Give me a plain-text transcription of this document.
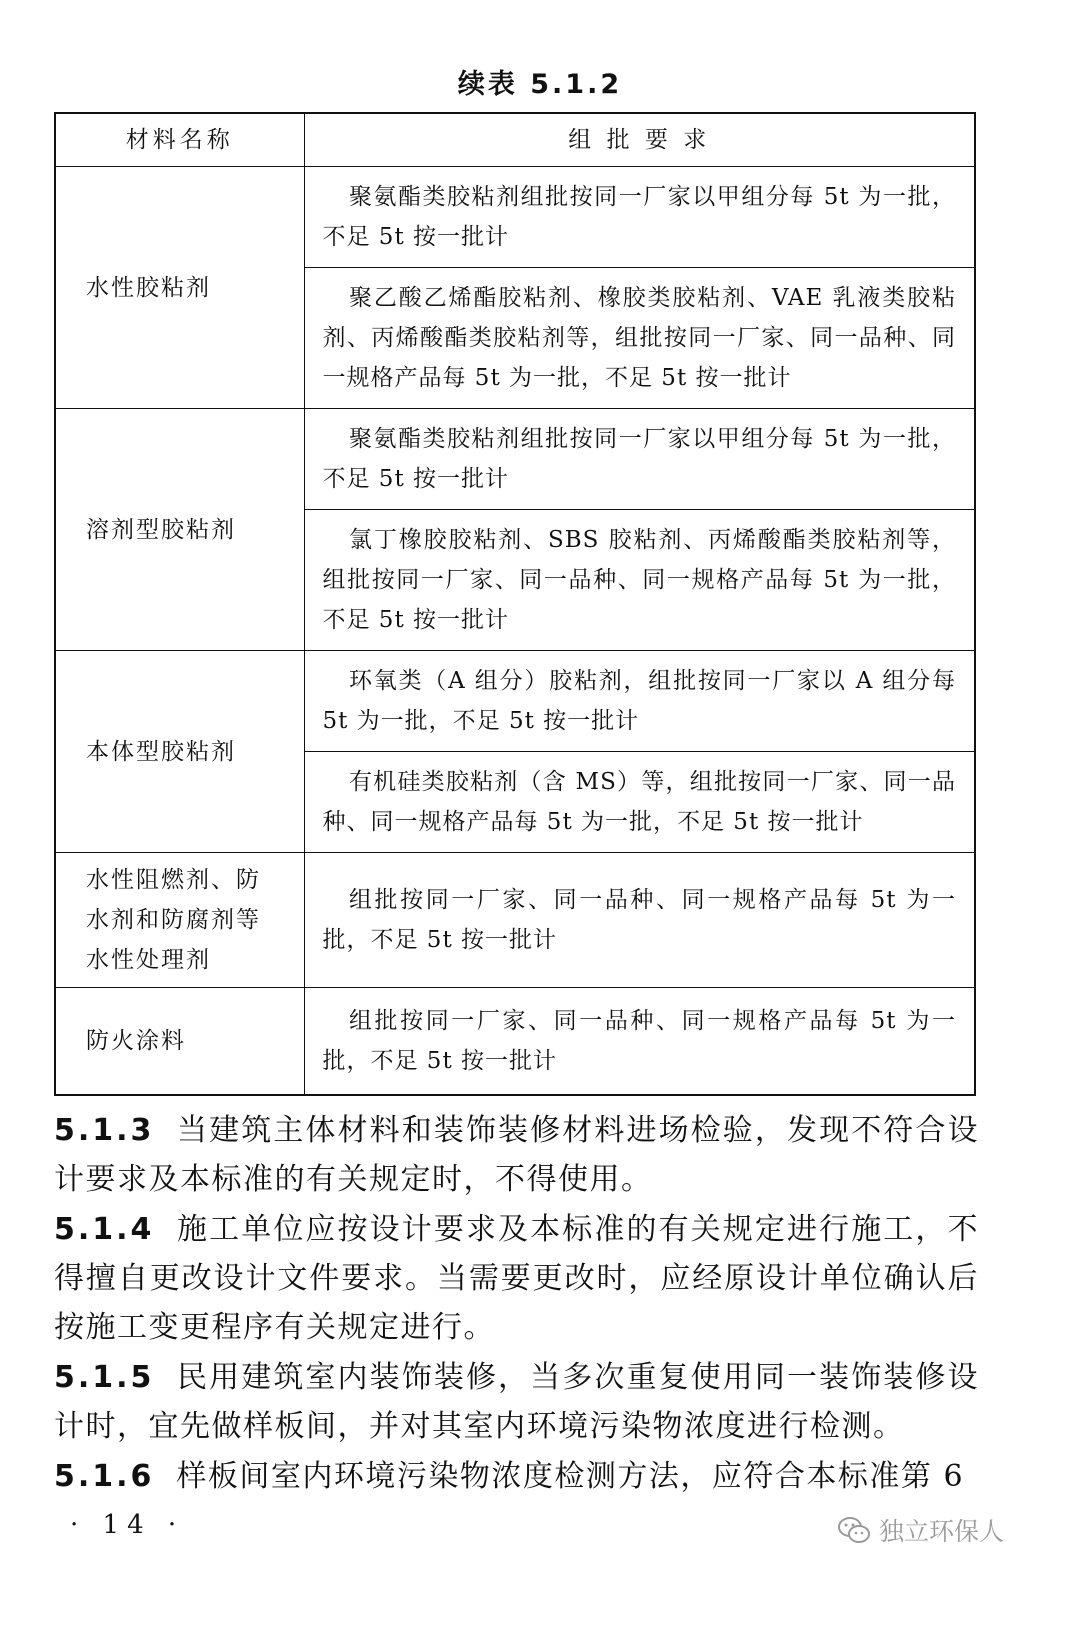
续表 5.1.2
材料名称	组 批 要 求
水性胶粘剂	聚氨酯类胶粘剂组批按同一厂家以甲组分每 5t 为一批，不足 5t 按一批计
	聚乙酸乙烯酯胶粘剂、橡胶类胶粘剂、VAE 乳液类胶粘剂、丙烯酸酯类胶粘剂等，组批按同一厂家、同一品种、同一规格产品每 5t 为一批，不足 5t 按一批计
溶剂型胶粘剂	聚氨酯类胶粘剂组批按同一厂家以甲组分每 5t 为一批，不足 5t 按一批计
	氯丁橡胶胶粘剂、SBS 胶粘剂、丙烯酸酯类胶粘剂等，组批按同一厂家、同一品种、同一规格产品每 5t 为一批，不足 5t 按一批计
本体型胶粘剂	环氧类（A 组分）胶粘剂，组批按同一厂家以 A 组分每 5t 为一批，不足 5t 按一批计
	有机硅类胶粘剂（含 MS）等，组批按同一厂家、同一品种、同一规格产品每 5t 为一批，不足 5t 按一批计
水性阻燃剂、防水剂和防腐剂等水性处理剂	组批按同一厂家、同一品种、同一规格产品每 5t 为一批，不足 5t 按一批计
防火涂料	组批按同一厂家、同一品种、同一规格产品每 5t 为一批，不足 5t 按一批计

5.1.3 当建筑主体材料和装饰装修材料进场检验，发现不符合设计要求及本标准的有关规定时，不得使用。

5.1.4 施工单位应按设计要求及本标准的有关规定进行施工，不得擅自更改设计文件要求。当需要更改时，应经原设计单位确认后按施工变更程序有关规定进行。

5.1.5 民用建筑室内装饰装修，当多次重复使用同一装饰装修设计时，宜先做样板间，并对其室内环境污染物浓度进行检测。

5.1.6 样板间室内环境污染物浓度检测方法，应符合本标准第 6

· 14 ·	独立环保人
